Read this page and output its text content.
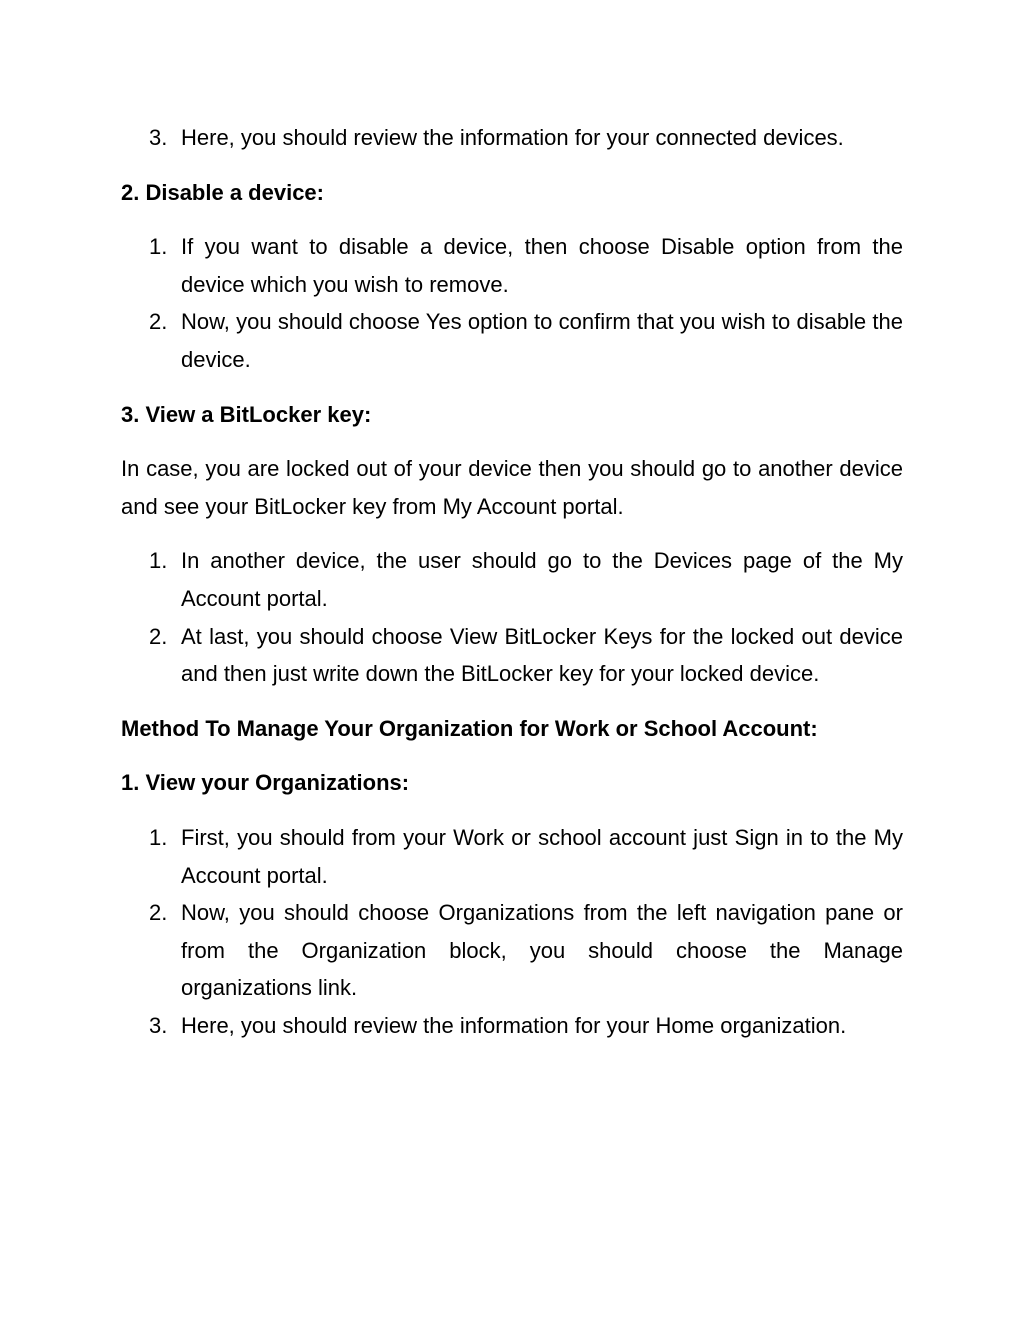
3. Here, you should review the information for your connected devices.
2. Disable a device:
1. If you want to disable a device, then choose Disable option from the device which you wish to remove.
2. Now, you should choose Yes option to confirm that you wish to disable the device.
3. View a BitLocker key:
In case, you are locked out of your device then you should go to another device and see your BitLocker key from My Account portal.
1. In another device, the user should go to the Devices page of the My Account portal.
2. At last, you should choose View BitLocker Keys for the locked out device and then just write down the BitLocker key for your locked device.
Method To Manage Your Organization for Work or School Account:
1. View your Organizations:
1. First, you should from your Work or school account just Sign in to the My Account portal.
2. Now, you should choose Organizations from the left navigation pane or from the Organization block, you should choose the Manage organizations link.
3. Here, you should review the information for your Home organization.
